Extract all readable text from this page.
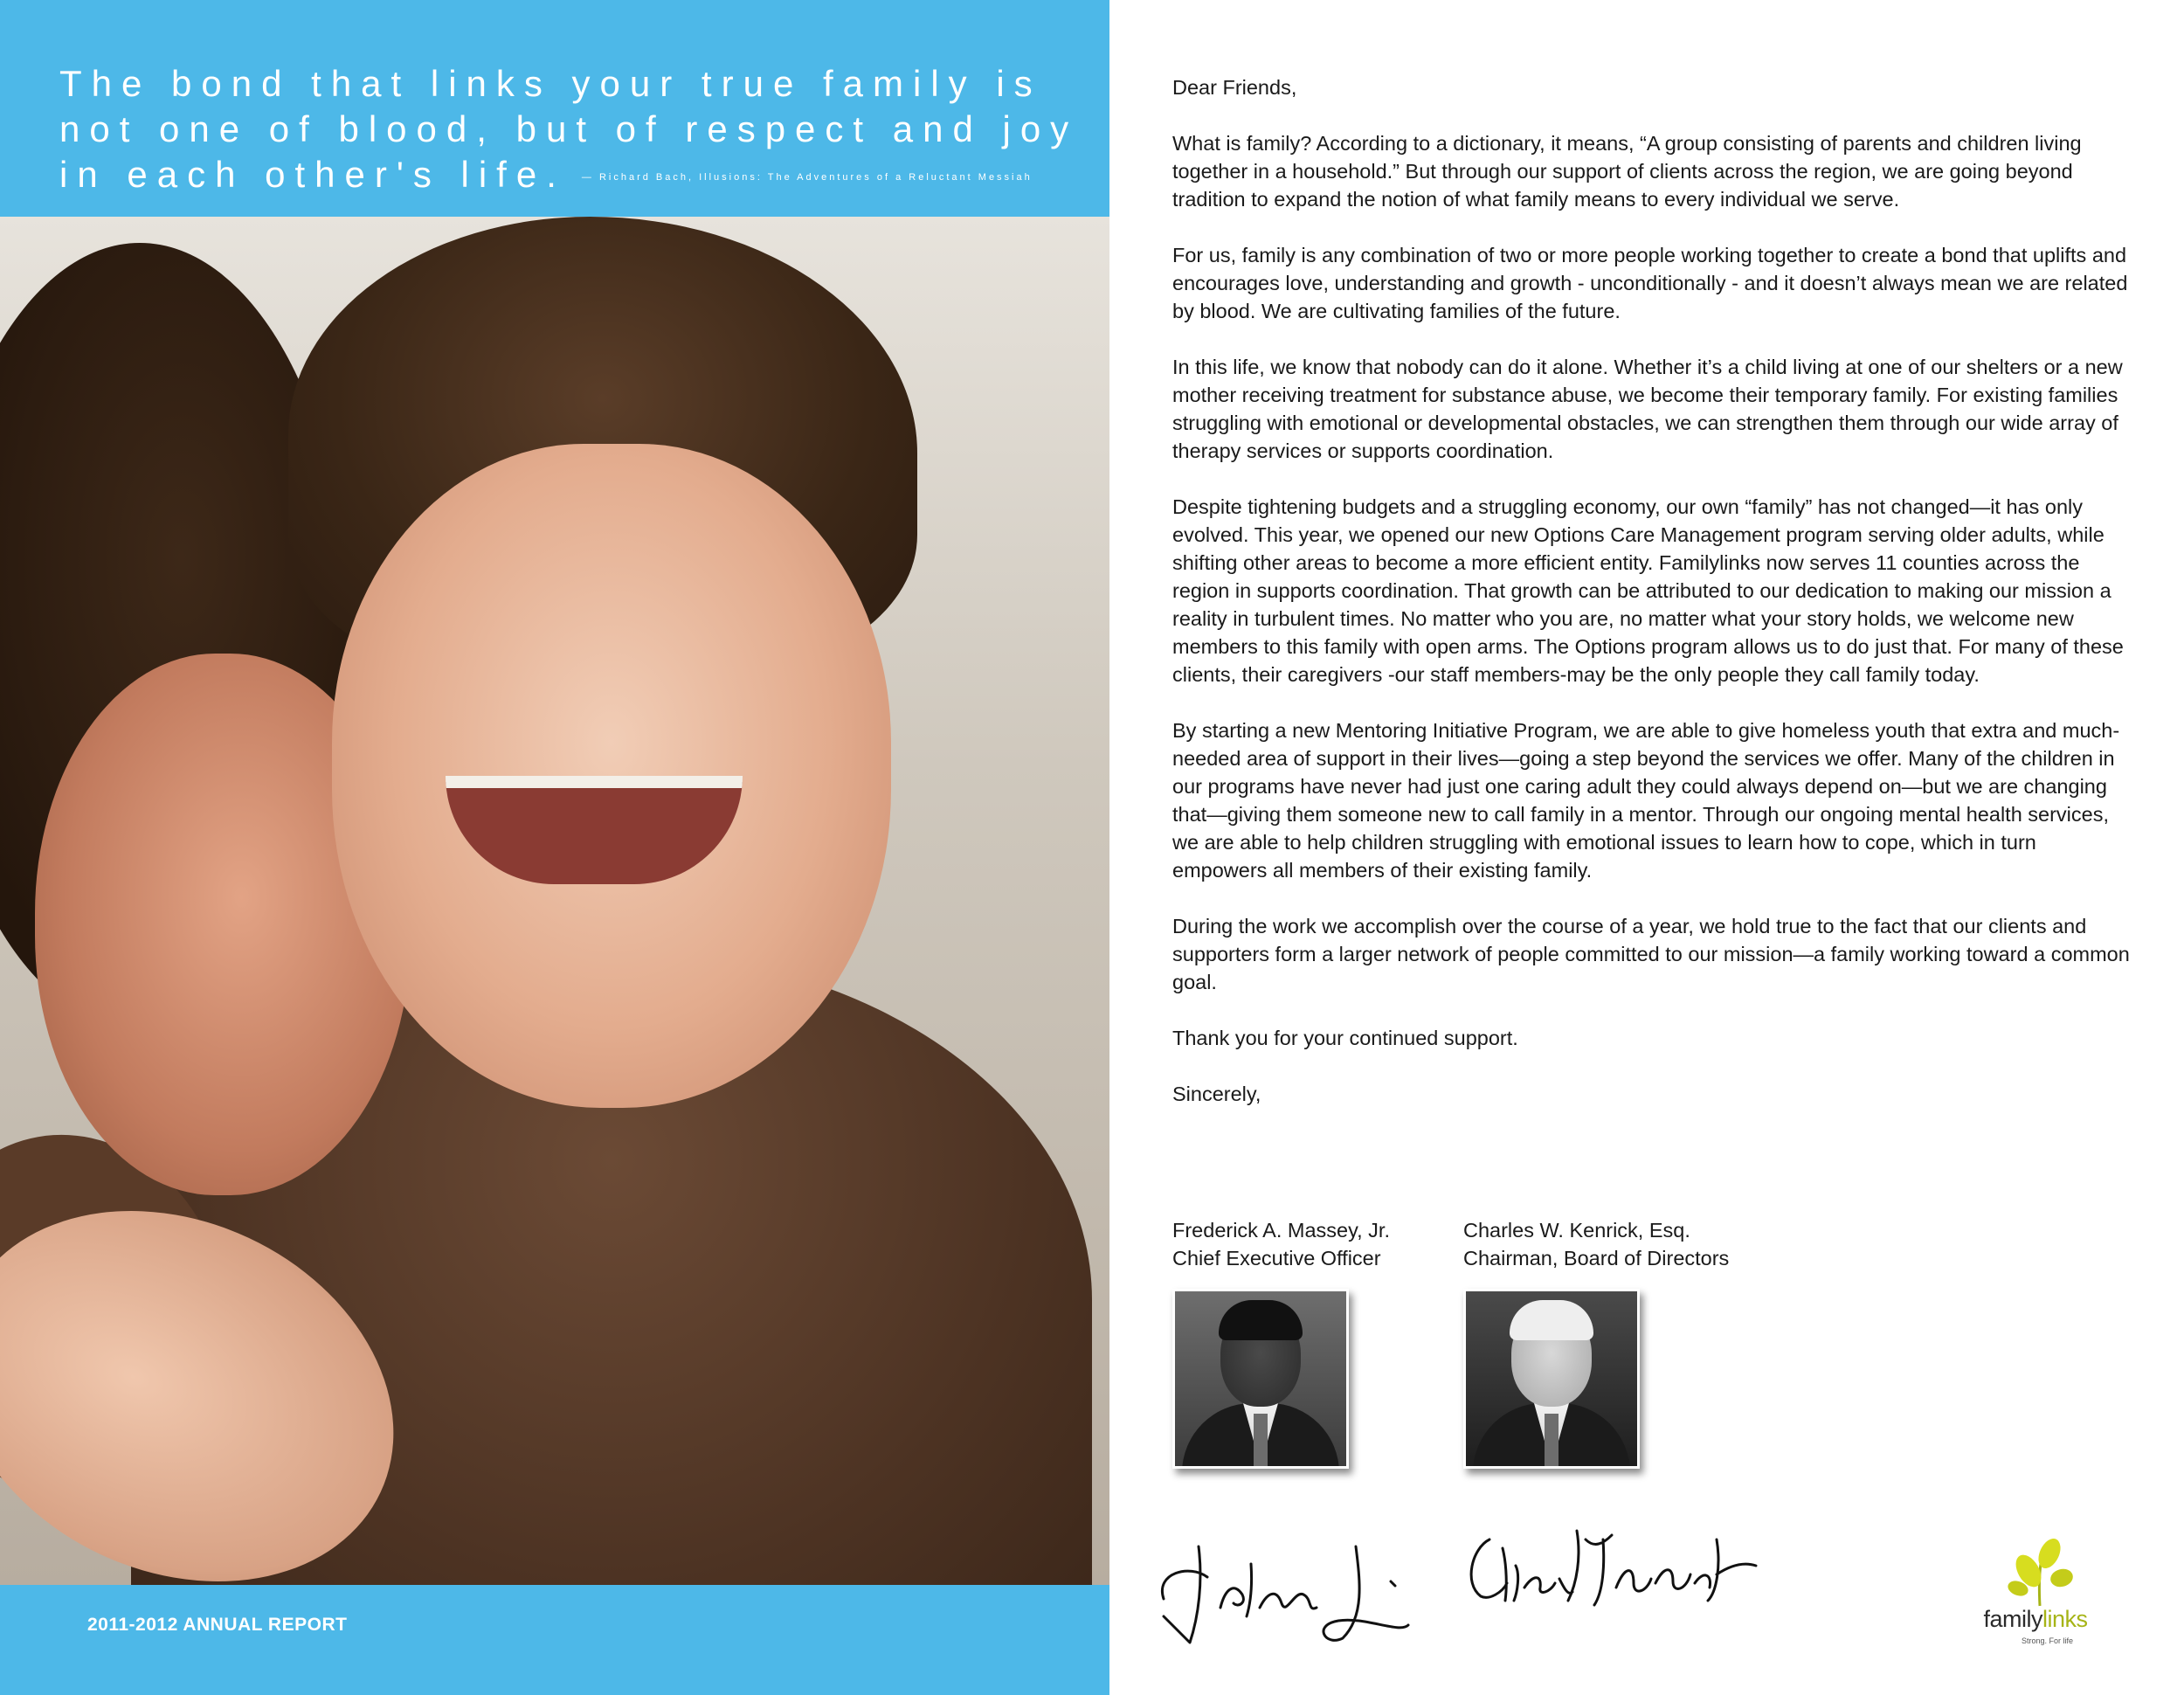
The bond that links your true family is not one of blood, but of respect and joy in each other's life. — Richard Bach, Illusions: The Adventures of a Reluctant Messiah

2011-2012 ANNUAL REPORT

Dear Friends,

What is family? According to a dictionary, it means, “A group consisting of parents and children living together in a household.” But through our support of clients across the region, we are going beyond tradition to expand the notion of what family means to every individual we serve.

For us, family is any combination of two or more people working together to create a bond that uplifts and encourages love, understanding and growth - unconditionally - and it doesn’t always mean we are related by blood. We are cultivating families of the future.

In this life, we know that nobody can do it alone. Whether it’s a child living at one of our shelters or a new mother receiving treatment for substance abuse, we become their temporary family. For existing families struggling with emotional or developmental obstacles, we can strengthen them through our wide array of therapy services or supports coordination.

Despite tightening budgets and a struggling economy, our own “family” has not changed—it has only evolved. This year, we opened our new Options Care Management program serving older adults, while shifting other areas to become a more efficient entity. Familylinks now serves 11 counties across the region in supports coordination. That growth can be attributed to our dedication to making our mission a reality in turbulent times. No matter who you are, no matter what your story holds, we welcome new members to this family with open arms. The Options program allows us to do just that. For many of these clients, their caregivers -our staff members-may be the only people they call family today.

By starting a new Mentoring Initiative Program, we are able to give homeless youth that extra and much-needed area of support in their lives—going a step beyond the services we offer. Many of the children in our programs have never had just one caring adult they could always depend on—but we are changing that—giving them someone new to call family in a mentor. Through our ongoing mental health services, we are able to help children struggling with emotional issues to learn how to cope, which in turn empowers all members of their existing family.

During the work we accomplish over the course of a year, we hold true to the fact that our clients and supporters form a larger network of people committed to our mission—a family working toward a common goal.

Thank you for your continued support.

Sincerely,

Frederick A. Massey, Jr.
Chief Executive Officer
Charles W. Kenrick, Esq.
Chairman, Board of Directors
familylinks
Strong. For life
